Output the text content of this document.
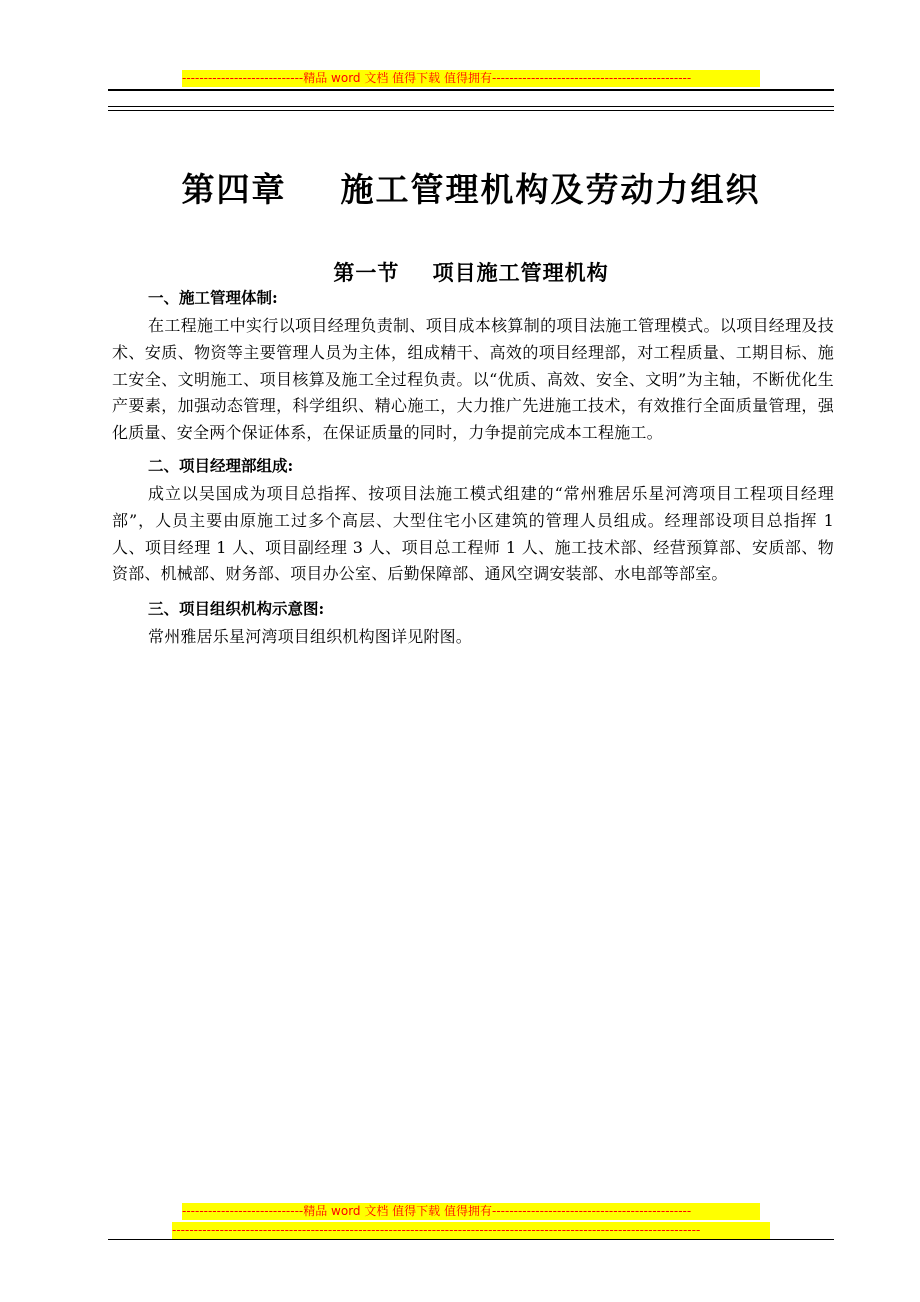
----------------------------精品 word 文档 值得下载 值得拥有----------------------------------------------
第四章    施工管理机构及劳动力组织
第一节    项目施工管理机构

一、施工管理体制:

在工程施工中实行以项目经理负责制、项目成本核算制的项目法施工管理模式。以项目经理及技术、安质、物资等主要管理人员为主体，组成精干、高效的项目经理部，对工程质量、工期目标、施工安全、文明施工、项目核算及施工全过程负责。以“优质、高效、安全、文明”为主轴，不断优化生产要素，加强动态管理，科学组织、精心施工，大力推广先进施工技术，有效推行全面质量管理，强化质量、安全两个保证体系，在保证质量的同时，力争提前完成本工程施工。

二、项目经理部组成:

成立以吴国成为项目总指挥、按项目法施工模式组建的“常州雅居乐星河湾项目工程项目经理部”，人员主要由原施工过多个高层、大型住宅小区建筑的管理人员组成。经理部设项目总指挥 1 人、项目经理 1 人、项目副经理 3 人、项目总工程师 1 人、施工技术部、经营预算部、安质部、物资部、机械部、财务部、项目办公室、后勤保障部、通风空调安装部、水电部等部室。

三、项目组织机构示意图:

常州雅居乐星河湾项目组织机构图详见附图。

----------------------------精品 word 文档 值得下载 值得拥有----------------------------------------------
--------------------------------------------------------------------------------------------------------------------------
